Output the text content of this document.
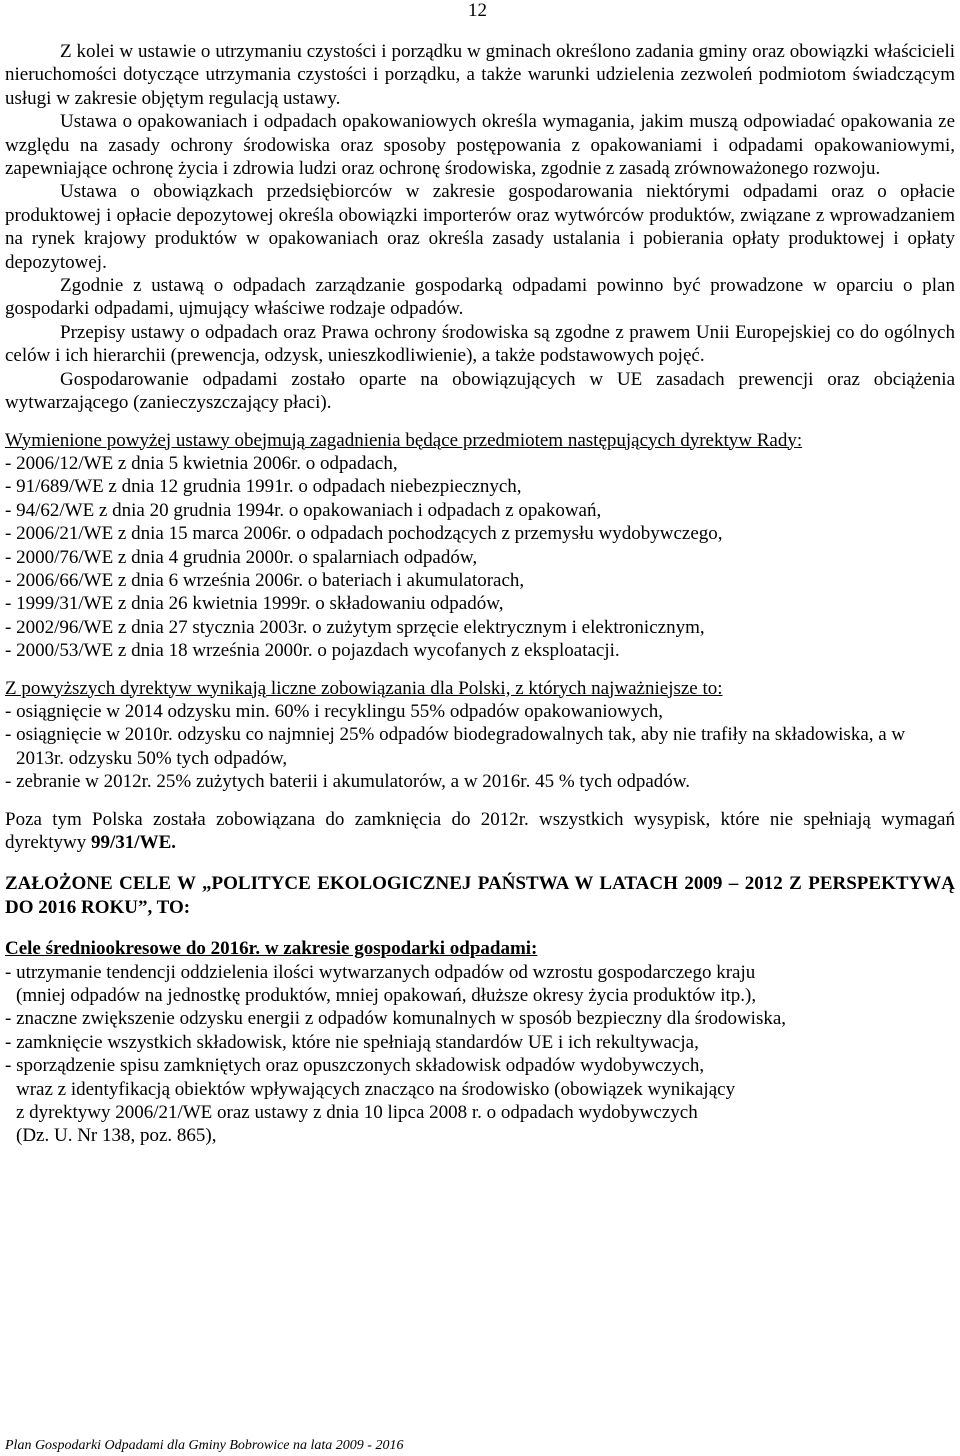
12

Z kolei w ustawie o utrzymaniu czystości i porządku w gminach określono zadania gminy oraz obowiązki właścicieli nieruchomości dotyczące utrzymania czystości i porządku, a także warunki udzielenia zezwoleń podmiotom świadczącym usługi w zakresie objętym regulacją ustawy.

Ustawa o opakowaniach i odpadach opakowaniowych określa wymagania, jakim muszą odpowiadać opakowania ze względu na zasady ochrony środowiska oraz sposoby postępowania z opakowaniami i odpadami opakowaniowymi, zapewniające ochronę życia i zdrowia ludzi oraz ochronę środowiska, zgodnie z zasadą zrównoważonego rozwoju.

Ustawa o obowiązkach przedsiębiorców w zakresie gospodarowania niektórymi odpadami oraz o opłacie produktowej i opłacie depozytowej określa obowiązki importerów oraz wytwórców produktów, związane z wprowadzaniem na rynek krajowy produktów w opakowaniach oraz określa zasady ustalania i pobierania opłaty produktowej i opłaty depozytowej.

Zgodnie z ustawą o odpadach zarządzanie gospodarką odpadami powinno być prowadzone w oparciu o plan gospodarki odpadami, ujmujący właściwe rodzaje odpadów.

Przepisy ustawy o odpadach oraz Prawa ochrony środowiska są zgodne z prawem Unii Europejskiej co do ogólnych celów i ich hierarchii (prewencja, odzysk, unieszkodliwienie), a także podstawowych pojęć.

Gospodarowanie odpadami zostało oparte na obowiązujących w UE zasadach prewencji oraz obciążenia wytwarzającego (zanieczyszczający płaci).

Wymienione powyżej ustawy obejmują zagadnienia będące przedmiotem następujących dyrektyw Rady:

- 2006/12/WE z dnia 5 kwietnia 2006r. o odpadach,
- 91/689/WE z dnia 12 grudnia 1991r. o odpadach niebezpiecznych,
- 94/62/WE z dnia 20 grudnia 1994r. o opakowaniach i odpadach z opakowań,
- 2006/21/WE z dnia 15 marca 2006r. o odpadach pochodzących z przemysłu wydobywczego,
- 2000/76/WE z dnia 4 grudnia 2000r. o spalarniach odpadów,
- 2006/66/WE z dnia 6 września 2006r. o bateriach i akumulatorach,
- 1999/31/WE z dnia 26 kwietnia 1999r. o składowaniu odpadów,
- 2002/96/WE z dnia 27 stycznia 2003r. o zużytym sprzęcie elektrycznym i elektronicznym,
- 2000/53/WE z dnia 18 września 2000r. o pojazdach wycofanych z eksploatacji.

Z powyższych dyrektyw wynikają liczne zobowiązania dla Polski, z których najważniejsze to:

- osiągnięcie w 2014 odzysku min. 60% i recyklingu 55% odpadów opakowaniowych,
- osiągnięcie w 2010r. odzysku co najmniej 25% odpadów biodegradowalnych tak, aby nie trafiły na składowiska, a w 2013r. odzysku 50% tych odpadów,
- zebranie w 2012r. 25% zużytych baterii i akumulatorów, a w 2016r. 45 % tych odpadów.

Poza tym Polska została zobowiązana do zamknięcia do 2012r. wszystkich wysypisk, które nie spełniają wymagań dyrektywy 99/31/WE.

ZAŁOŻONE CELE W „POLITYCE EKOLOGICZNEJ PAŃSTWA W LATACH 2009 – 2012 Z PERSPEKTYWĄ DO 2016 ROKU”, TO:

Cele średniookresowe do 2016r. w zakresie gospodarki odpadami:

- utrzymanie tendencji oddzielenia ilości wytwarzanych odpadów od wzrostu gospodarczego kraju
(mniej odpadów na jednostkę produktów, mniej opakowań, dłuższe okresy życia produktów itp.),
- znaczne zwiększenie odzysku energii z odpadów komunalnych w sposób bezpieczny dla środowiska,
- zamknięcie wszystkich składowisk, które nie spełniają standardów UE i ich rekultywacja,
- sporządzenie spisu zamkniętych oraz opuszczonych składowisk odpadów wydobywczych,
wraz z identyfikacją obiektów wpływających znacząco na środowisko (obowiązek wynikający
z dyrektywy 2006/21/WE oraz ustawy z dnia 10 lipca 2008 r. o odpadach wydobywczych
(Dz. U. Nr 138, poz. 865),
Plan Gospodarki Odpadami dla Gminy Bobrowice na lata 2009 - 2016
